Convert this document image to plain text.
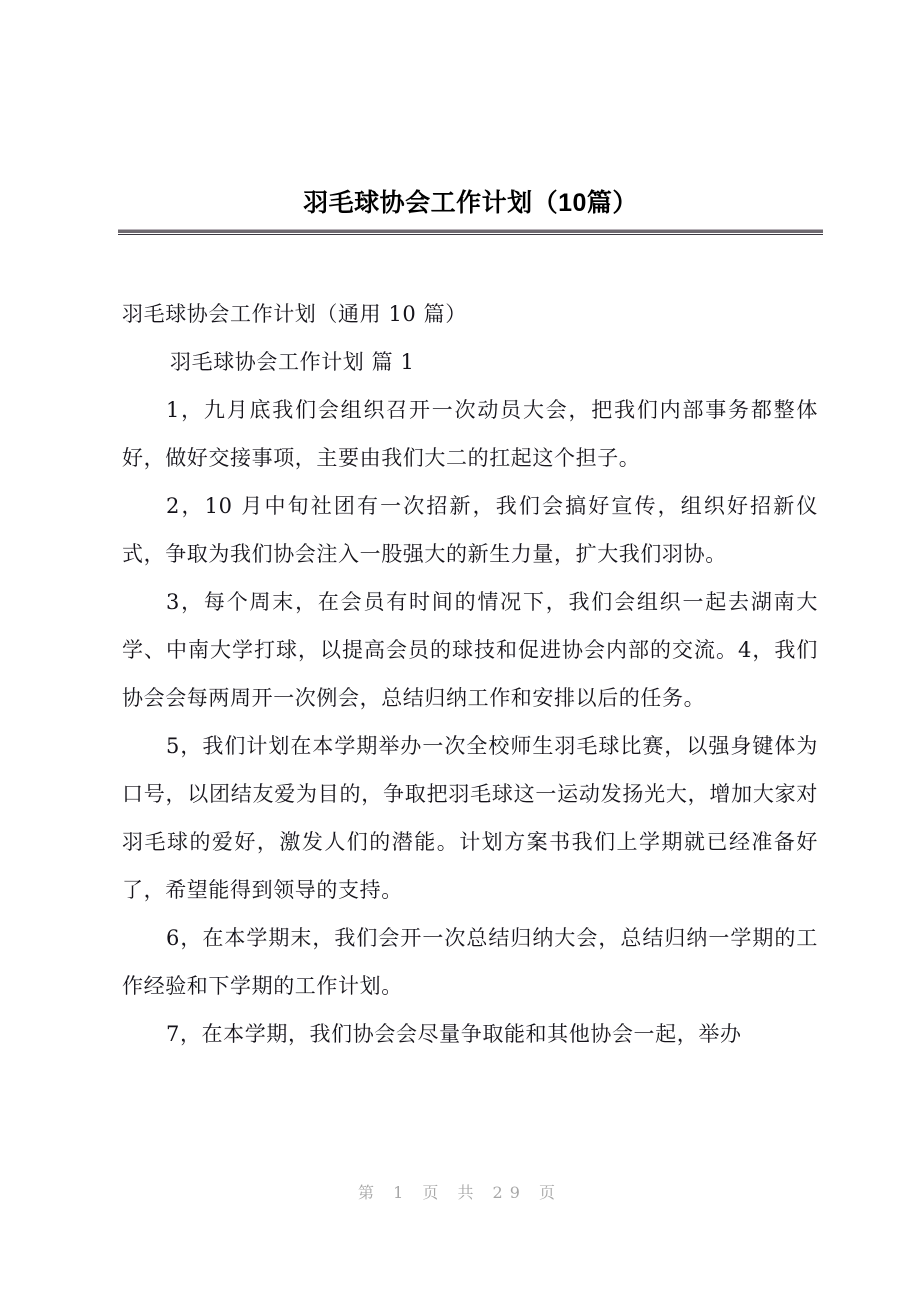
羽毛球协会工作计划（10篇）

羽毛球协会工作计划（通用 10 篇）

羽毛球协会工作计划 篇 1

1，九月底我们会组织召开一次动员大会，把我们内部事务都整体好，做好交接事项，主要由我们大二的扛起这个担子。

2，10 月中旬社团有一次招新，我们会搞好宣传，组织好招新仪式，争取为我们协会注入一股强大的新生力量，扩大我们羽协。

3，每个周末，在会员有时间的情况下，我们会组织一起去湖南大学、中南大学打球，以提高会员的球技和促进协会内部的交流。4，我们协会会每两周开一次例会，总结归纳工作和安排以后的任务。

5，我们计划在本学期举办一次全校师生羽毛球比赛，以强身键体为口号，以团结友爱为目的，争取把羽毛球这一运动发扬光大，增加大家对羽毛球的爱好，激发人们的潜能。计划方案书我们上学期就已经准备好了，希望能得到领导的支持。

6，在本学期末，我们会开一次总结归纳大会，总结归纳一学期的工作经验和下学期的工作计划。

7，在本学期，我们协会会尽量争取能和其他协会一起，举办

第 1 页 共 29 页
